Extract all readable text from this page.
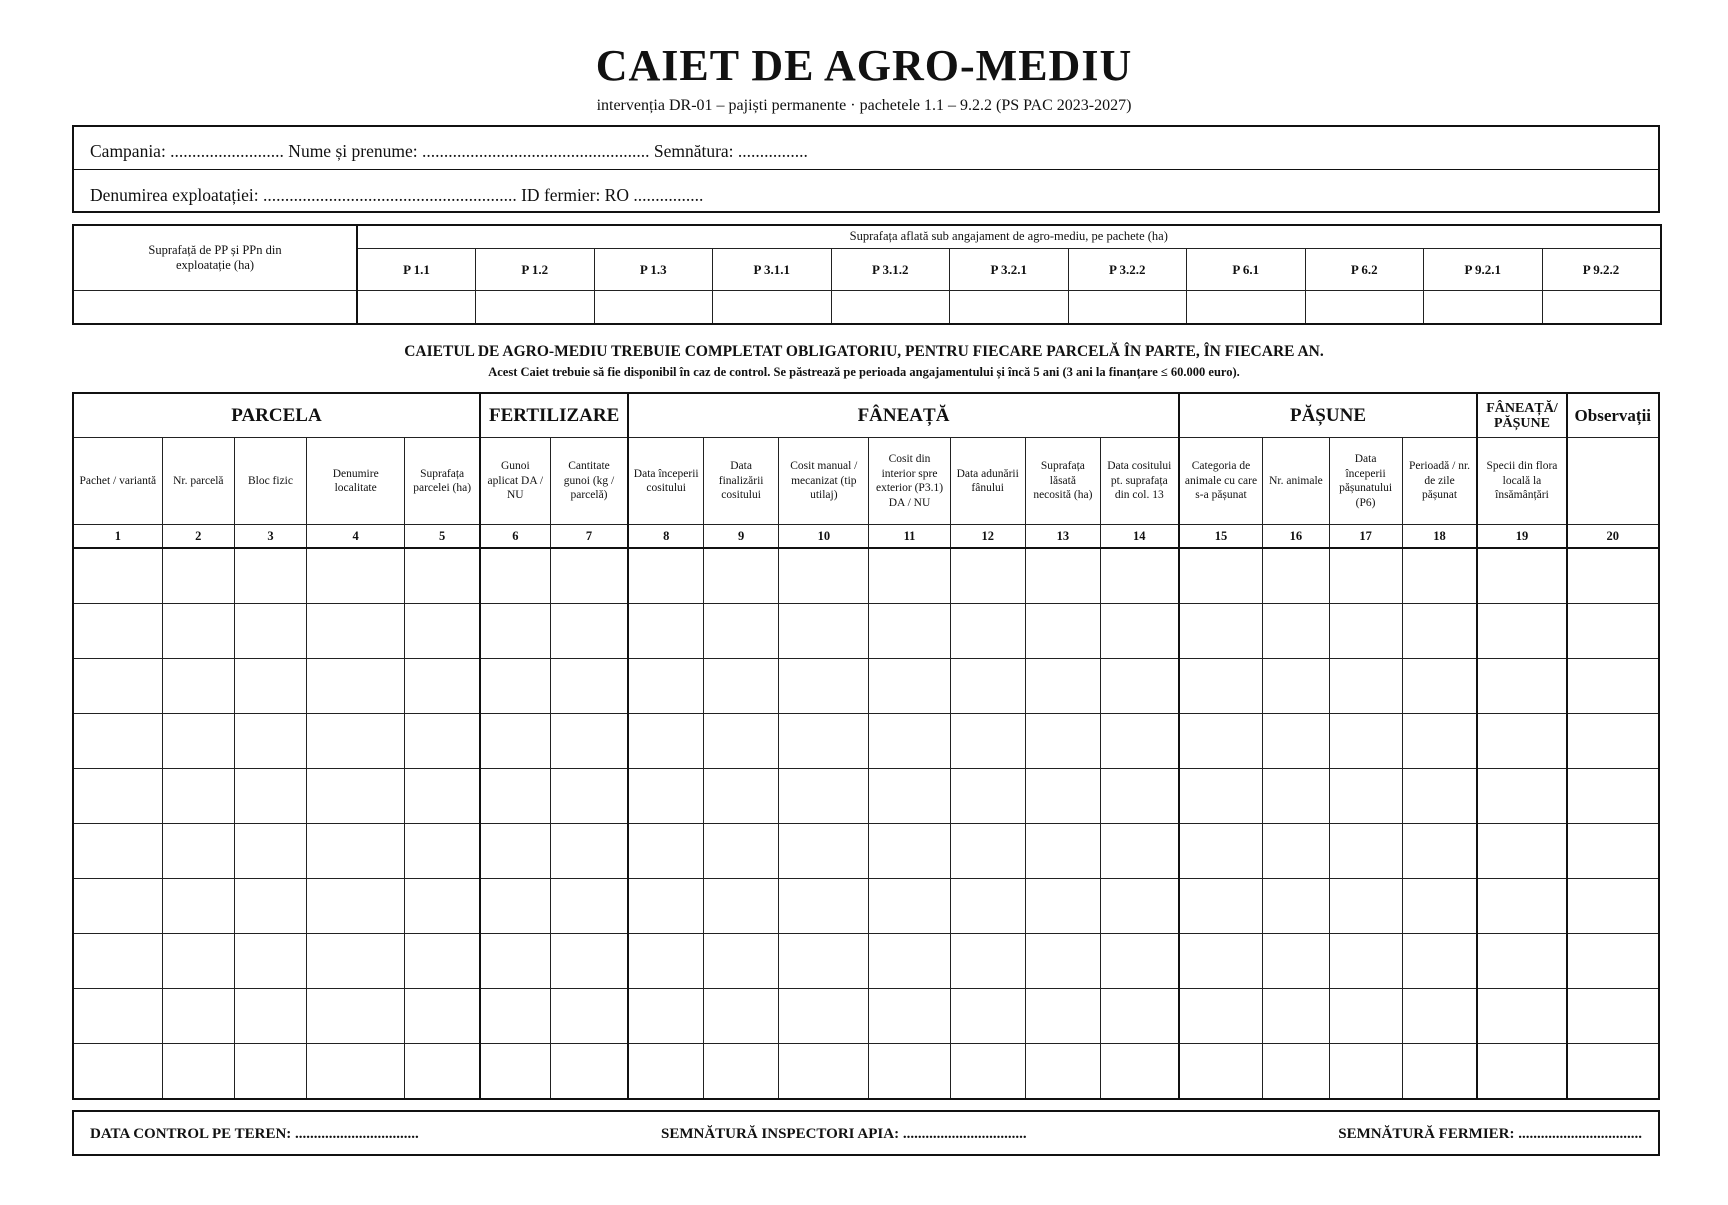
CAIET DE AGRO-MEDIU
intervenția DR-01 – pajiști permanente · pachetele 1.1 – 9.2.2 (PS PAC 2023-2027)
Campania: .......................... Nume și prenume: .................................................... Semnătura: ................
Denumirea exploatației: .......................................................... ID fermier: RO ................
Suprafață de PP și PPn din exploatație (ha)	Suprafața aflată sub angajament de agro-mediu, pe pachete (ha)										
	P 1.1	P 1.2	P 1.3	P 3.1.1	P 3.1.2	P 3.2.1	P 3.2.2	P 6.1	P 6.2	P 9.2.1	P 9.2.2

CAIETUL DE AGRO-MEDIU TREBUIE COMPLETAT OBLIGATORIU, PENTRU FIECARE PARCELĂ ÎN PARTE, ÎN FIECARE AN.
Acest Caiet trebuie să fie disponibil în caz de control. Se păstrează pe perioada angajamentului și încă 5 ani (3 ani la finanțare ≤ 60.000 euro).
PARCELA					FERTILIZARE		FÂNEAȚĂ							PĂȘUNE				FÂNEAȚĂ/ PĂȘUNE	Observații
Pachet / variantă	Nr. parcelă	Bloc fizic	Denumire localitate	Suprafața parcelei (ha)	Gunoi aplicat DA / NU	Cantitate gunoi (kg / parcelă)	Data începerii cositului	Data finalizării cositului	Cosit manual / mecanizat (tip utilaj)	Cosit din interior spre exterior (P3.1) DA / NU	Data adunării fânului	Suprafața lăsată necosită (ha)	Data cositului pt. suprafața din col. 13	Categoria de animale cu care s-a pășunat	Nr. animale	Data începerii pășunatului (P6)	Perioadă / nr. de zile pășunat	Specii din flora locală la însămânțări	
1	2	3	4	5	6	7	8	9	10	11	12	13	14	15	16	17	18	19	20

DATA CONTROL PE TEREN: .................................	SEMNĂTURĂ INSPECTORI APIA: .................................	SEMNĂTURĂ FERMIER: .................................
